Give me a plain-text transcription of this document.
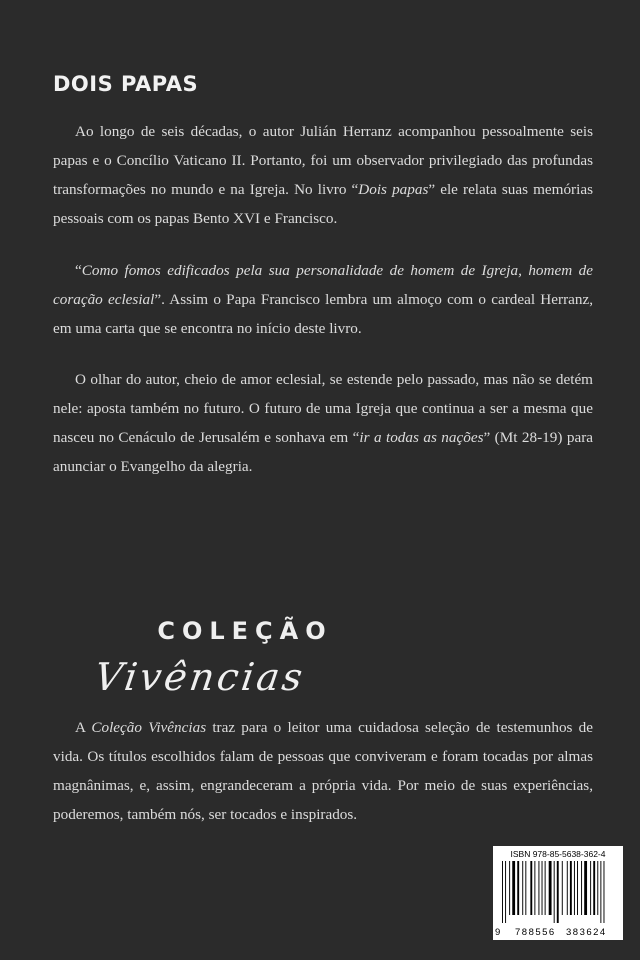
DOIS PAPAS

Ao longo de seis décadas, o autor Julián Herranz acompanhou pessoalmente seis papas e o Concílio Vaticano II. Portanto, foi um observador privilegiado das profundas transformações no mundo e na Igreja. No livro “Dois papas” ele relata suas memórias pessoais com os papas Bento XVI e Francisco.

“Como fomos edificados pela sua personalidade de homem de Igreja, homem de coração eclesial”. Assim o Papa Francisco lembra um almoço com o cardeal Herranz, em uma carta que se encontra no início deste livro.

O olhar do autor, cheio de amor eclesial, se estende pelo passado, mas não se detém nele: aposta também no futuro. O futuro de uma Igreja que continua a ser a mesma que nasceu no Cenáculo de Jerusalém e sonhava em “ir a todas as nações” (Mt 28-19) para anunciar o Evangelho da alegria.

COLEÇÃO
Vivências

A Coleção Vivências traz para o leitor uma cuidadosa seleção de testemunhos de vida. Os títulos escolhidos falam de pessoas que conviveram e foram tocadas por almas magnânimas, e, assim, engrandeceram a própria vida. Por meio de suas experiências, poderemos, também nós, ser tocados e inspirados.

ISBN 978-85-5638-362-4
9 788556 383624
